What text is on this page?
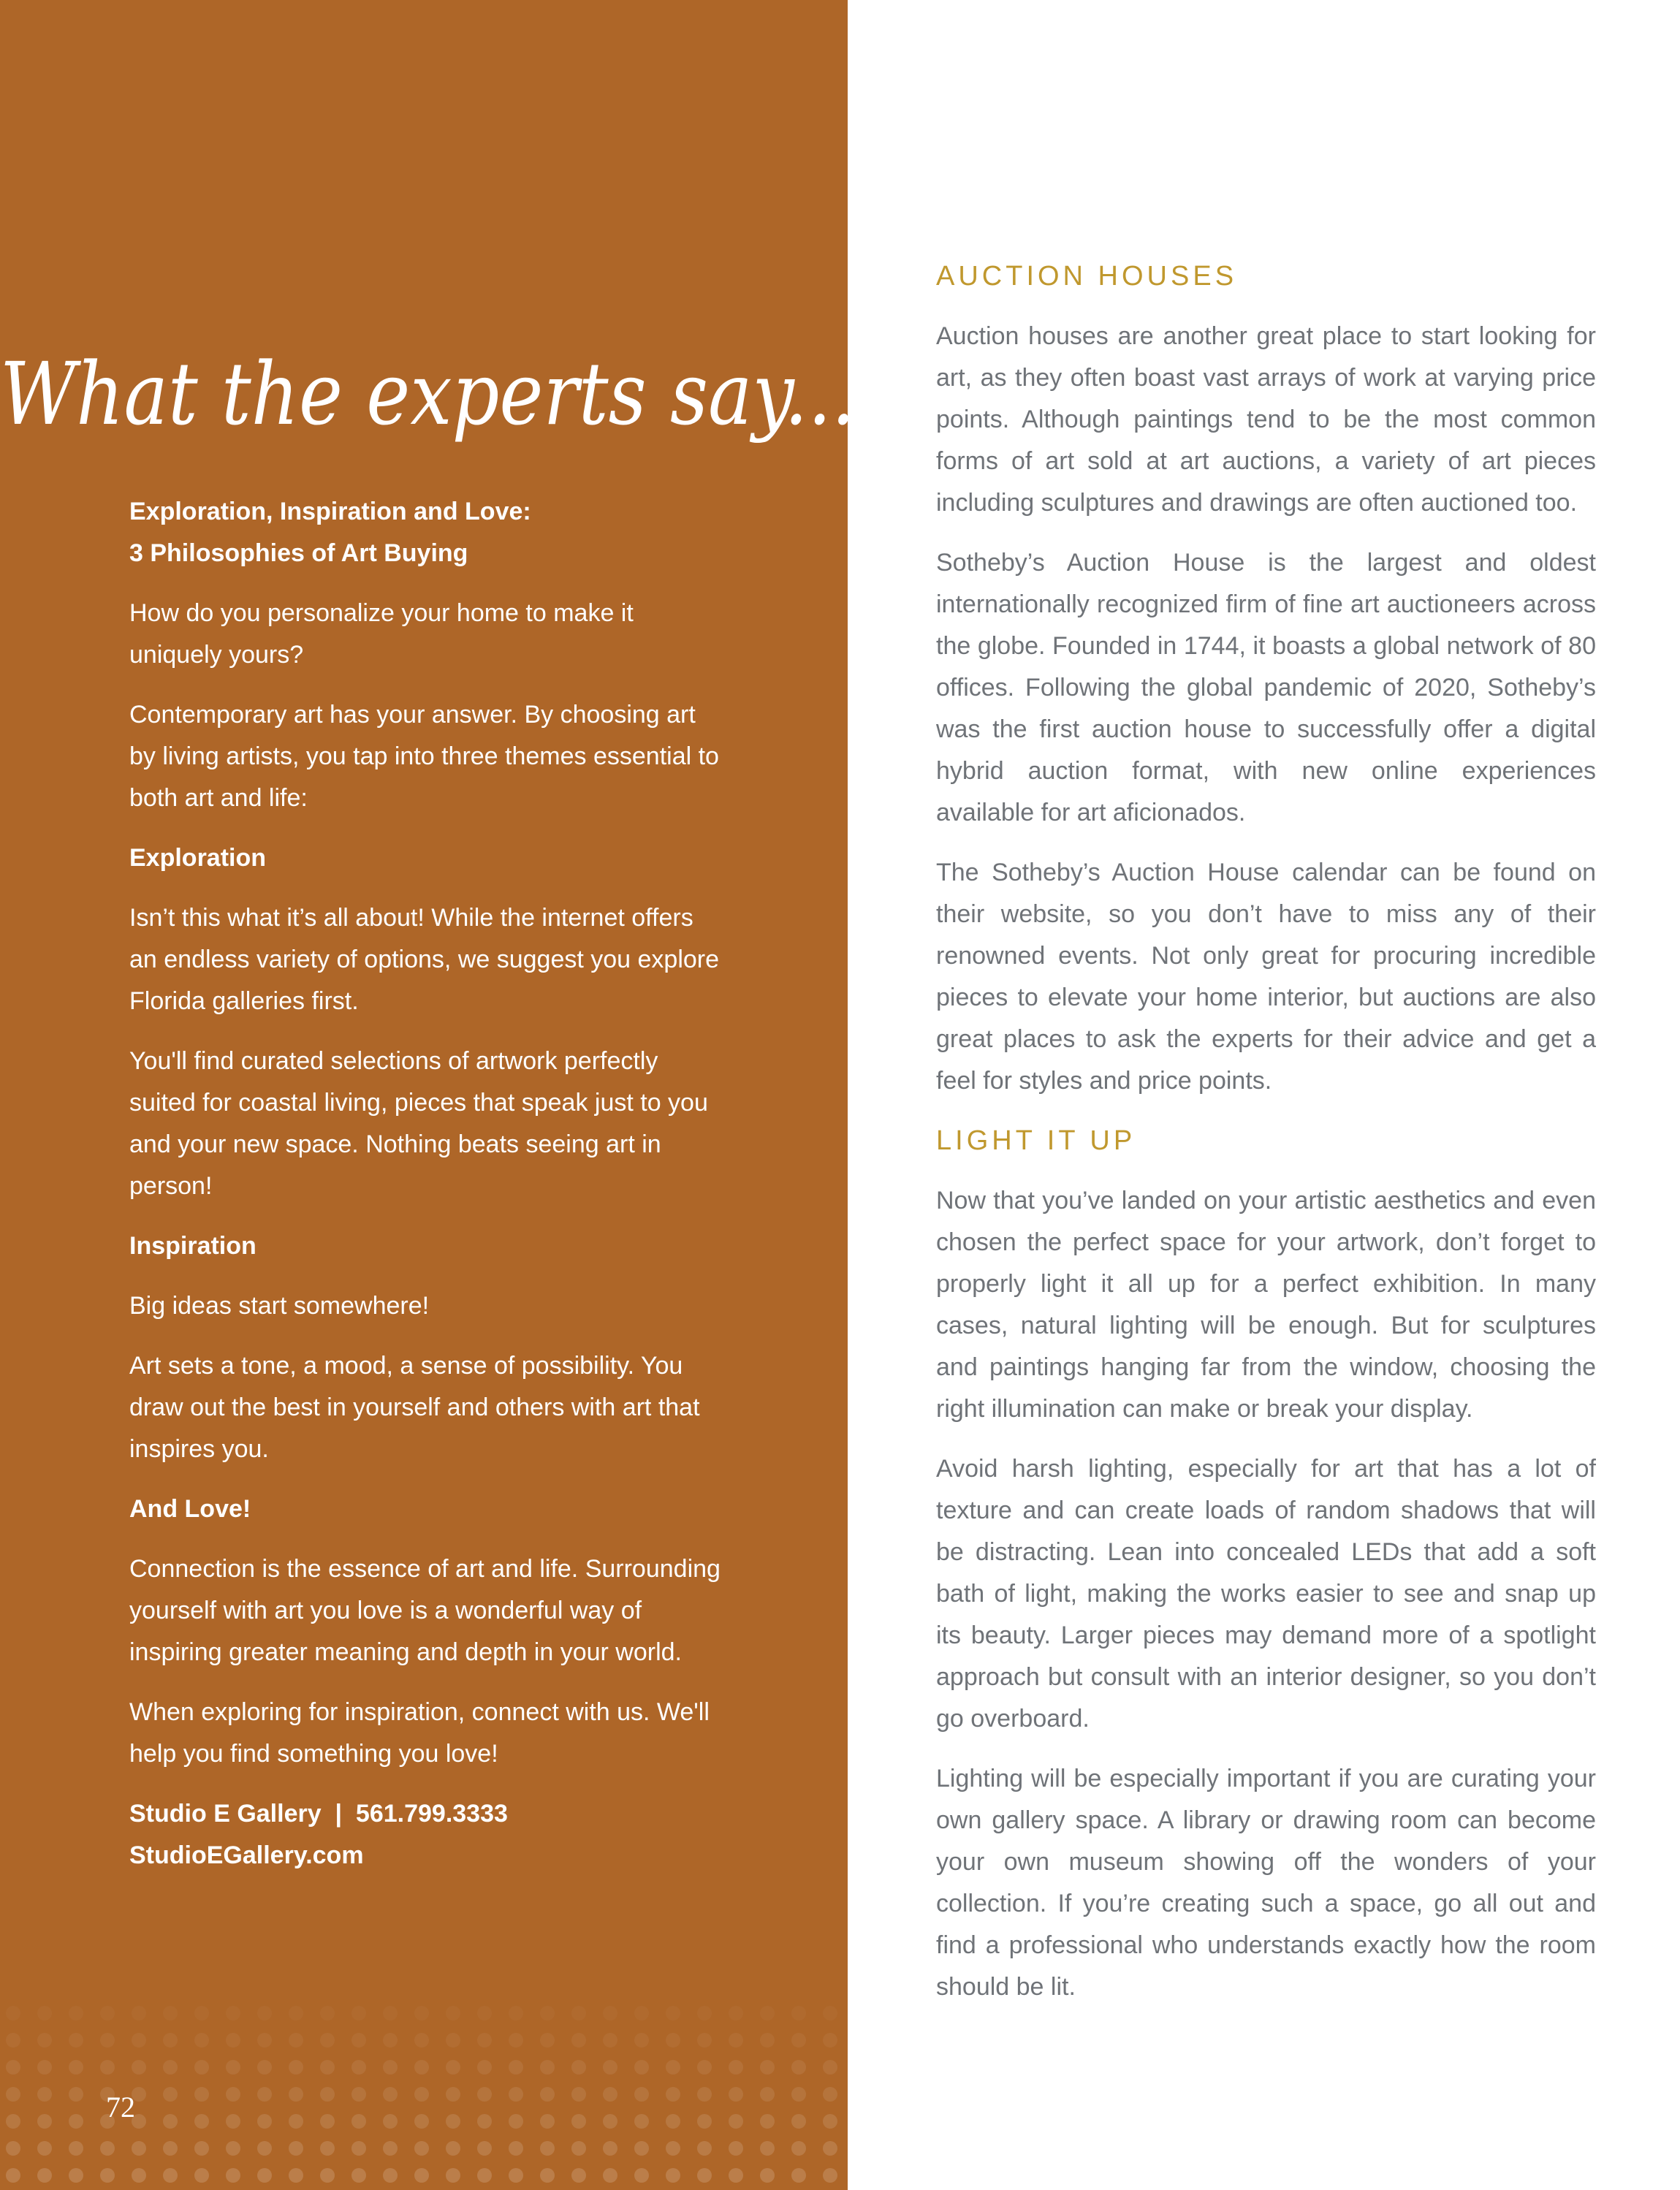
What the experts say...
Exploration, Inspiration and Love:
3 Philosophies of Art Buying

How do you personalize your home to make it uniquely yours?

Contemporary art has your answer. By choosing art by living artists, you tap into three themes essential to both art and life:

Exploration

Isn’t this what it’s all about! While the internet offers an endless variety of options, we suggest you explore Florida galleries first.

You'll find curated selections of artwork perfectly suited for coastal living, pieces that speak just to you and your new space. Nothing beats seeing art in person!

Inspiration

Big ideas start somewhere!

Art sets a tone, a mood, a sense of possibility. You draw out the best in yourself and others with art that inspires you.

And Love!

Connection is the essence of art and life. Surrounding yourself with art you love is a wonderful way of inspiring greater meaning and depth in your world.

When exploring for inspiration, connect with us. We'll help you find something you love!

Studio E Gallery  |  561.799.3333

StudioEGallery.com

72
AUCTION HOUSES

Auction houses are another great place to start looking for art, as they often boast vast arrays of work at varying price points. Although paintings tend to be the most common forms of art sold at art auctions, a variety of art pieces including sculptures and drawings are often auctioned too.

Sotheby’s Auction House is the largest and oldest internationally recognized firm of fine art auctioneers across the globe. Founded in 1744, it boasts a global network of 80 offices. Following the global pandemic of 2020, Sotheby’s was the first auction house to successfully offer a digital hybrid auction format, with new online experiences available for art aficionados.

The Sotheby’s Auction House calendar can be found on their website, so you don’t have to miss any of their renowned events. Not only great for procuring incredible pieces to elevate your home interior, but auctions are also great places to ask the experts for their advice and get a feel for styles and price points.

LIGHT IT UP

Now that you’ve landed on your artistic aesthetics and even chosen the perfect space for your artwork, don’t forget to properly light it all up for a perfect exhibition. In many cases, natural lighting will be enough. But for sculptures and paintings hanging far from the window, choosing the right illumination can make or break your display.

Avoid harsh lighting, especially for art that has a lot of texture and can create loads of random shadows that will be distracting. Lean into concealed LEDs that add a soft bath of light, making the works easier to see and snap up its beauty. Larger pieces may demand more of a spotlight approach but consult with an interior designer, so you don’t go overboard.

Lighting will be especially important if you are curating your own gallery space. A library or drawing room can become your own museum showing off the wonders of your collection. If you’re creating such a space, go all out and find a professional who understands exactly how the room should be lit.
